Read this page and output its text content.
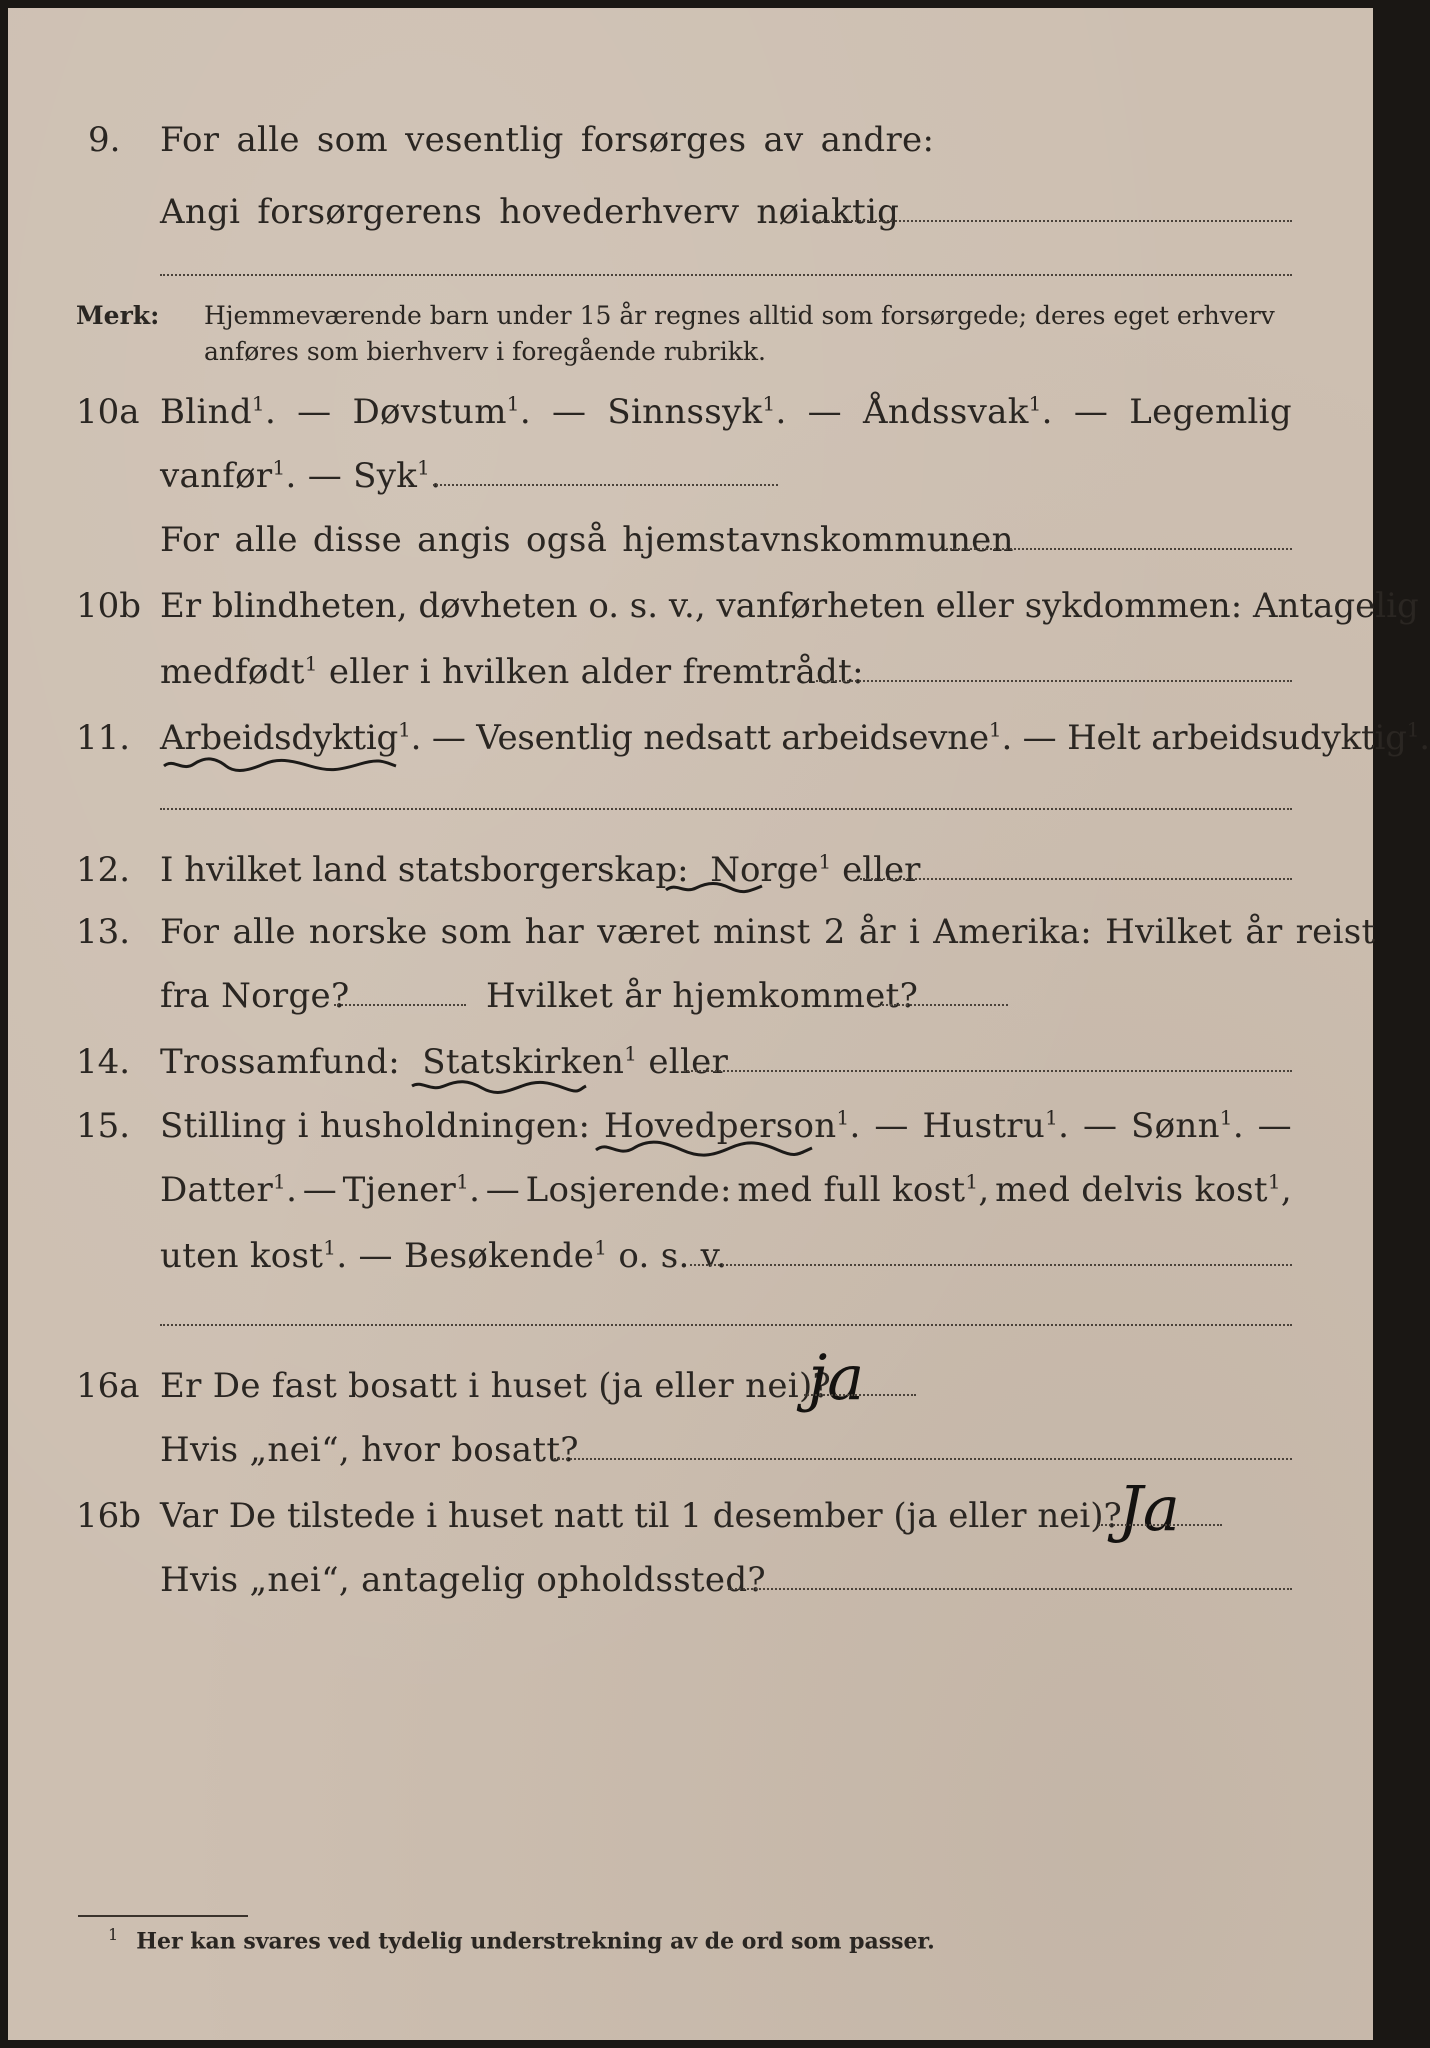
9. For alle som vesentlig forsørges av andre:
Angi forsørgerens hovederhverv nøiaktig
Merk: Hjemmeværende barn under 15 år regnes alltid som forsørgede; deres eget erhverv
anføres som bierhverv i foregående rubrikk.
10a Blind$^1$. — Døvstum$^1$. — Sinnssyk$^1$. — Åndssvak$^1$. — Legemlig
vanfør$^1$. — Syk$^1$.
For alle disse angis også hjemstavnskommunen
10b Er blindheten, døvheten o. s. v., vanførheten eller sykdommen: Antagelig
medfødt$^1$ eller i hvilken alder fremtrådt:
11. Arbeidsdyktig$^1$. — Vesentlig nedsatt arbeidsevne$^1$. — Helt arbeidsudyktig$^1$.
12. I hvilket land statsborgerskap: Norge$^1$ eller
13. For alle norske som har været minst 2 år i Amerika: Hvilket år reist
fra Norge?	Hvilket år hjemkommet?
14. Trossamfund: Statskirken$^1$ eller
15. Stilling i husholdningen: Hovedperson$^1$. — Hustru$^1$. — Sønn$^1$. —
Datter$^1$. — Tjener$^1$. — Losjerende: med full kost$^1$, med delvis kost$^1$,
uten kost$^1$. — Besøkende$^1$ o. s. v.
16a Er De fast bosatt i huset (ja eller nei)?
ja
Hvis „nei“, hvor bosatt?
16b Var De tilstede i huset natt til 1 desember (ja eller nei)?
Ja
Hvis „nei“, antagelig opholdssted?
$^1$ Her kan svares ved tydelig understrekning av de ord som passer.
